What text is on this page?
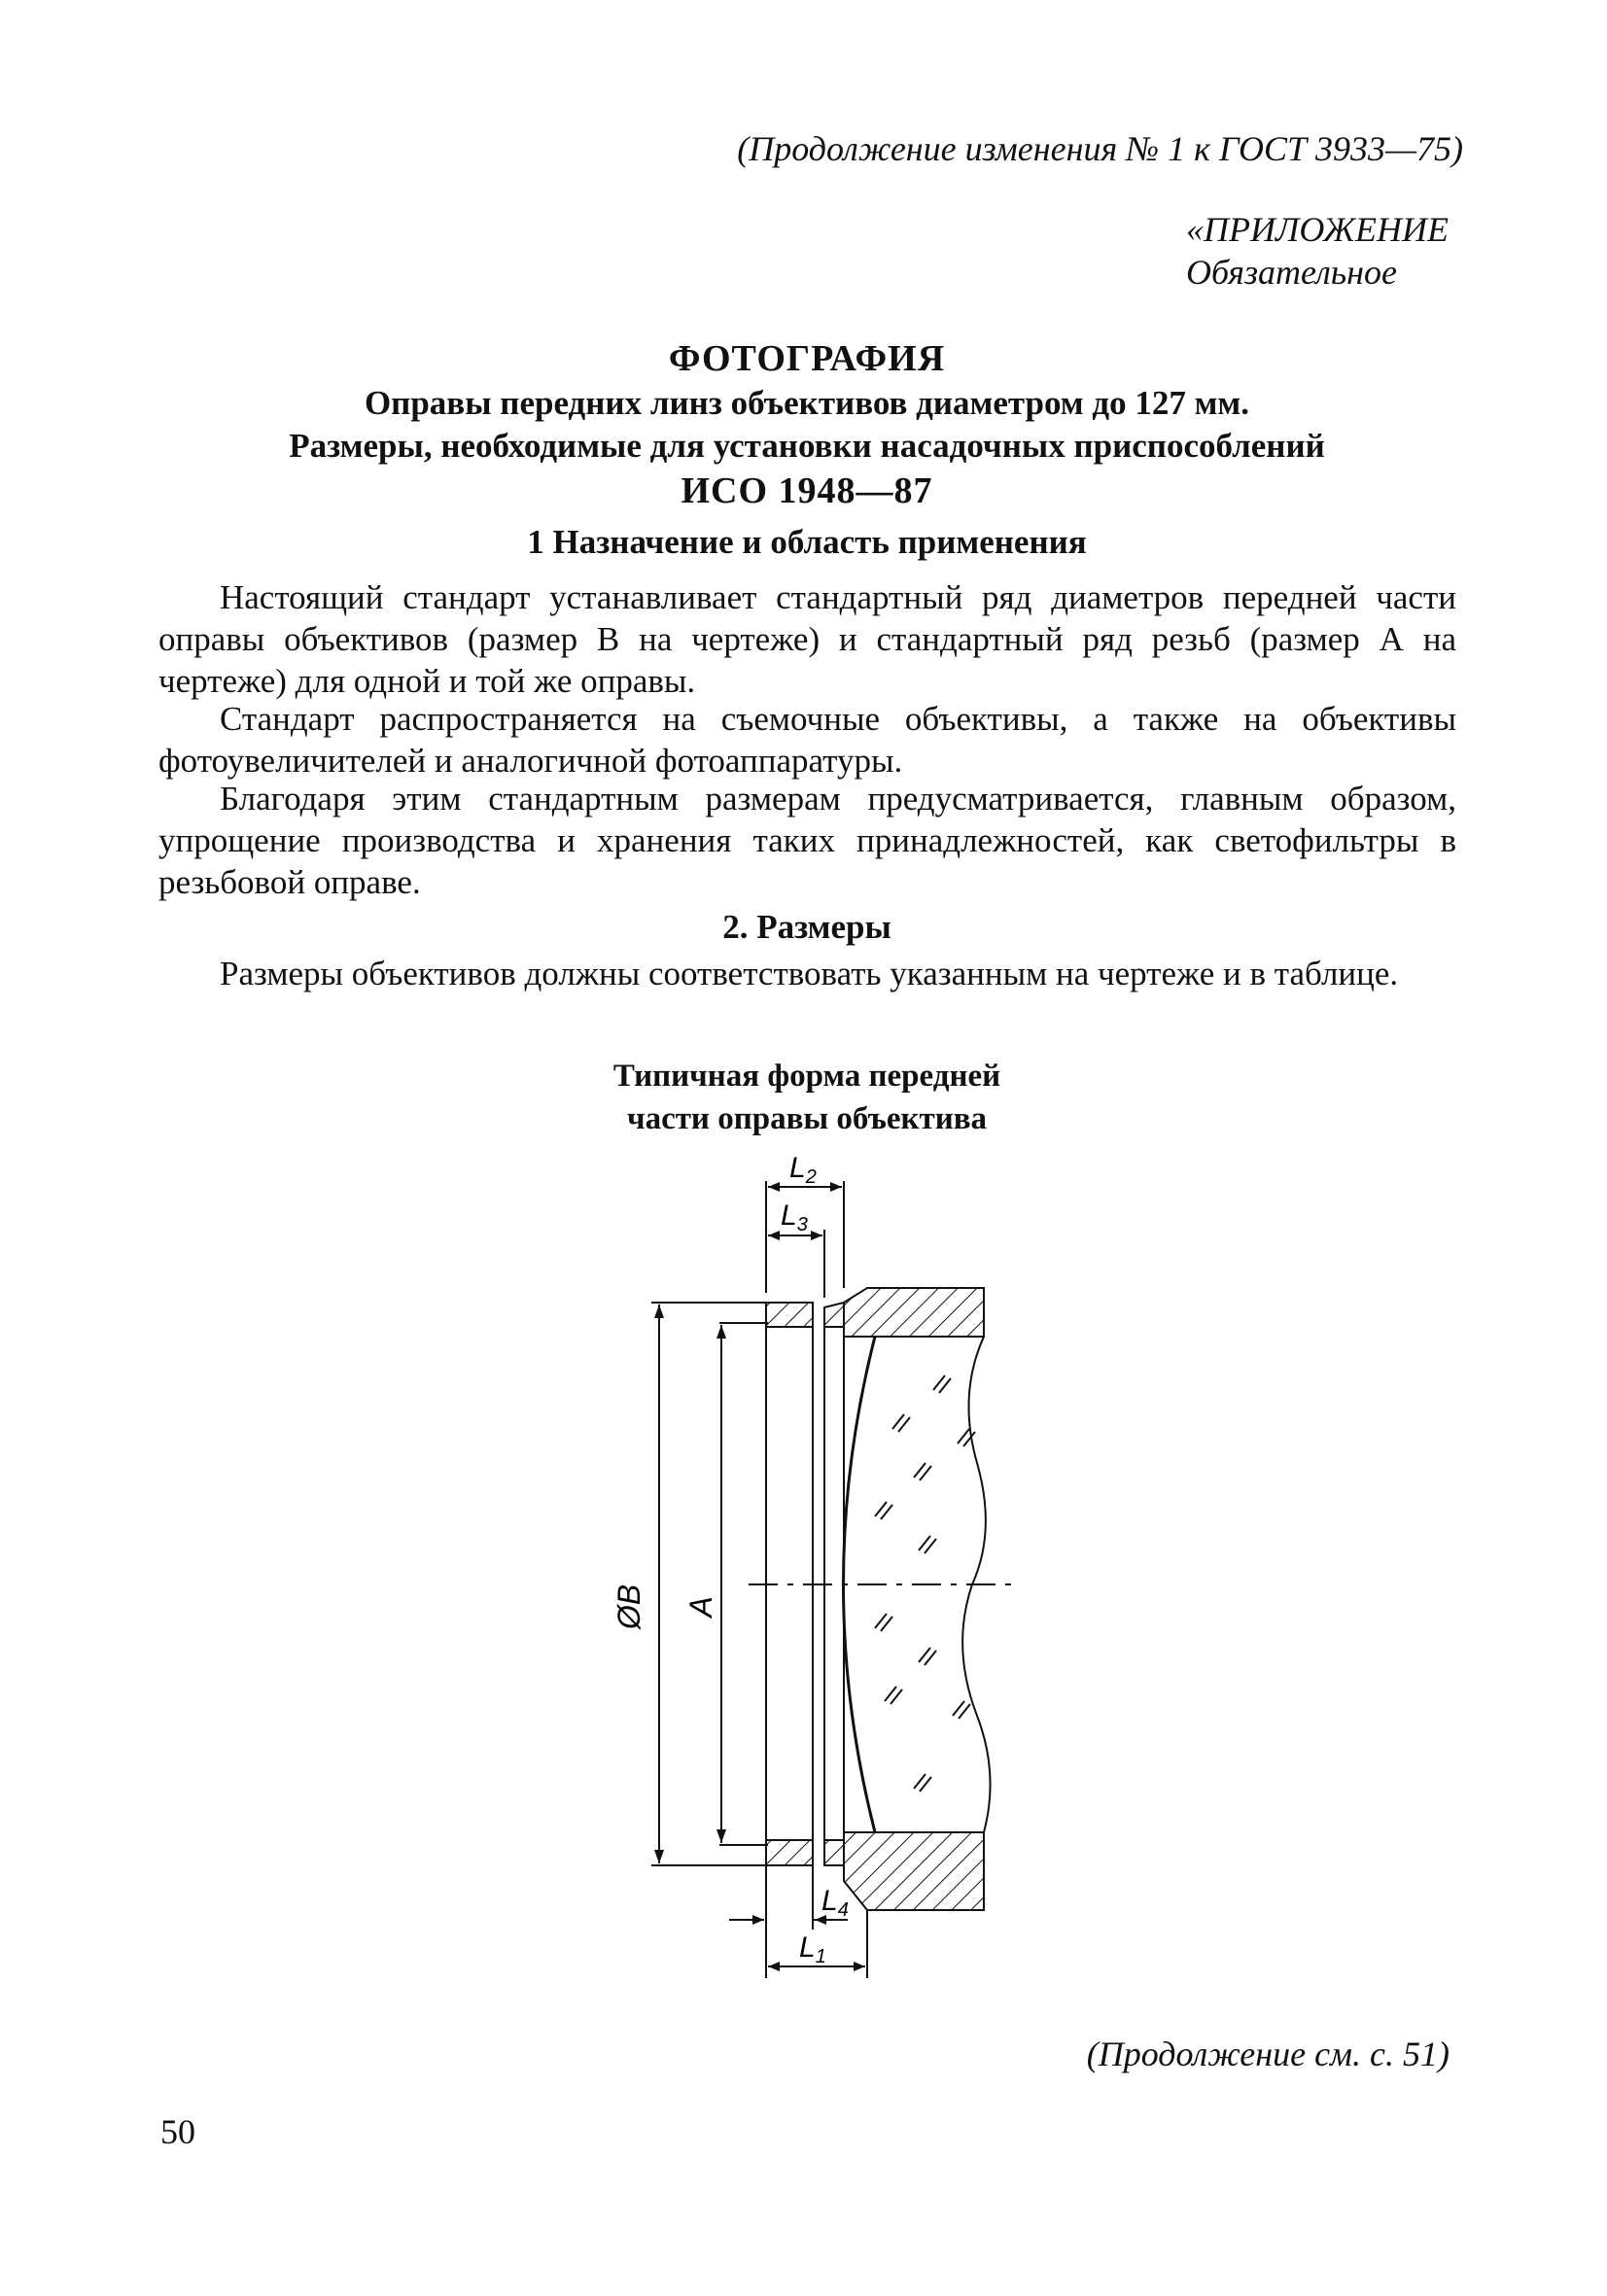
(Продолжение изменения № 1 к ГОСТ 3933—75)
«ПРИЛОЖЕНИЕ
Обязательное
ФОТОГРАФИЯ
Оправы передних линз объективов диаметром до 127 мм.
Размеры, необходимые для установки насадочных приспособлений
ИСО 1948—87
1 Назначение и область применения
Настоящий стандарт устанавливает стандартный ряд диаметров передней части оправы объективов (размер В на чертеже) и стандартный ряд резьб (размер А на чертеже) для одной и той же оправы.
Стандарт распространяется на съемочные объективы, а также на объективы фотоувеличителей и аналогичной фотоаппаратуры.
Благодаря этим стандартным размерам предусматривается, главным образом, упрощение производства и хранения таких принадлежностей, как светофильтры в резьбовой оправе.
2. Размеры
Размеры объективов должны соответствовать указанным на чертеже и в таблице.
Типичная форма передней
части оправы объектива
$L_2$
$L_3$
ØB A
$L_4$
$L_1$
(Продолжение см. с. 51)
50
